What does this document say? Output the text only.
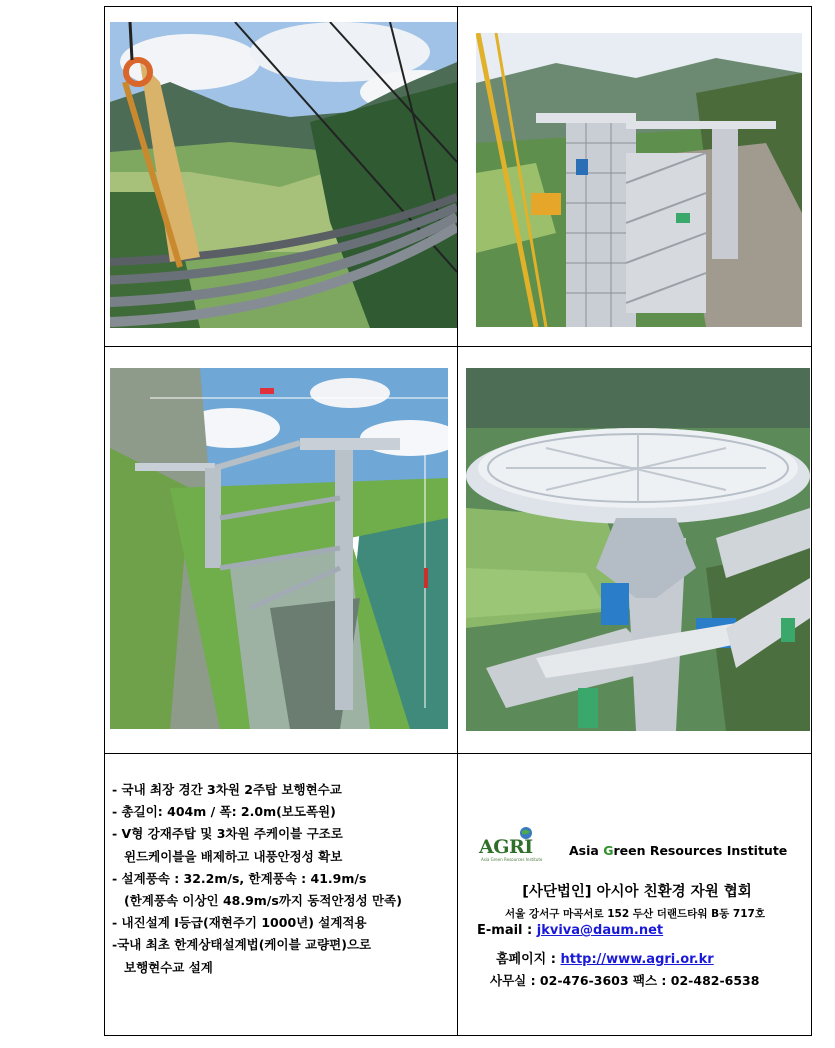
- 국내 최장 경간 3차원 2주탑 보행현수교
- 총길이: 404m / 폭: 2.0m(보도폭원)
- V형 강재주탑 및 3차원 주케이블 구조로
윈드케이블을 배제하고 내풍안정성 확보
- 설계풍속 : 32.2m/s, 한계풍속 : 41.9m/s
(한계풍속 이상인 48.9m/s까지 동적안정성 만족)
- 내진설계 I등급(재현주기 1000년) 설계적용
-국내 최초 한계상태설계법(케이블 교량편)으로
보행현수교 설계
AGRI
Asia Green Resources Institute
Asia Green Resources Institute
[사단법인] 아시아 친환경 자원 협회
서울 강서구 마곡서로 152 두산 더랜드타워 B동 717호
E-mail : jkviva@daum.net
홈페이지 : http://www.agri.or.kr
사무실 : 02-476-3603 팩스 : 02-482-6538
